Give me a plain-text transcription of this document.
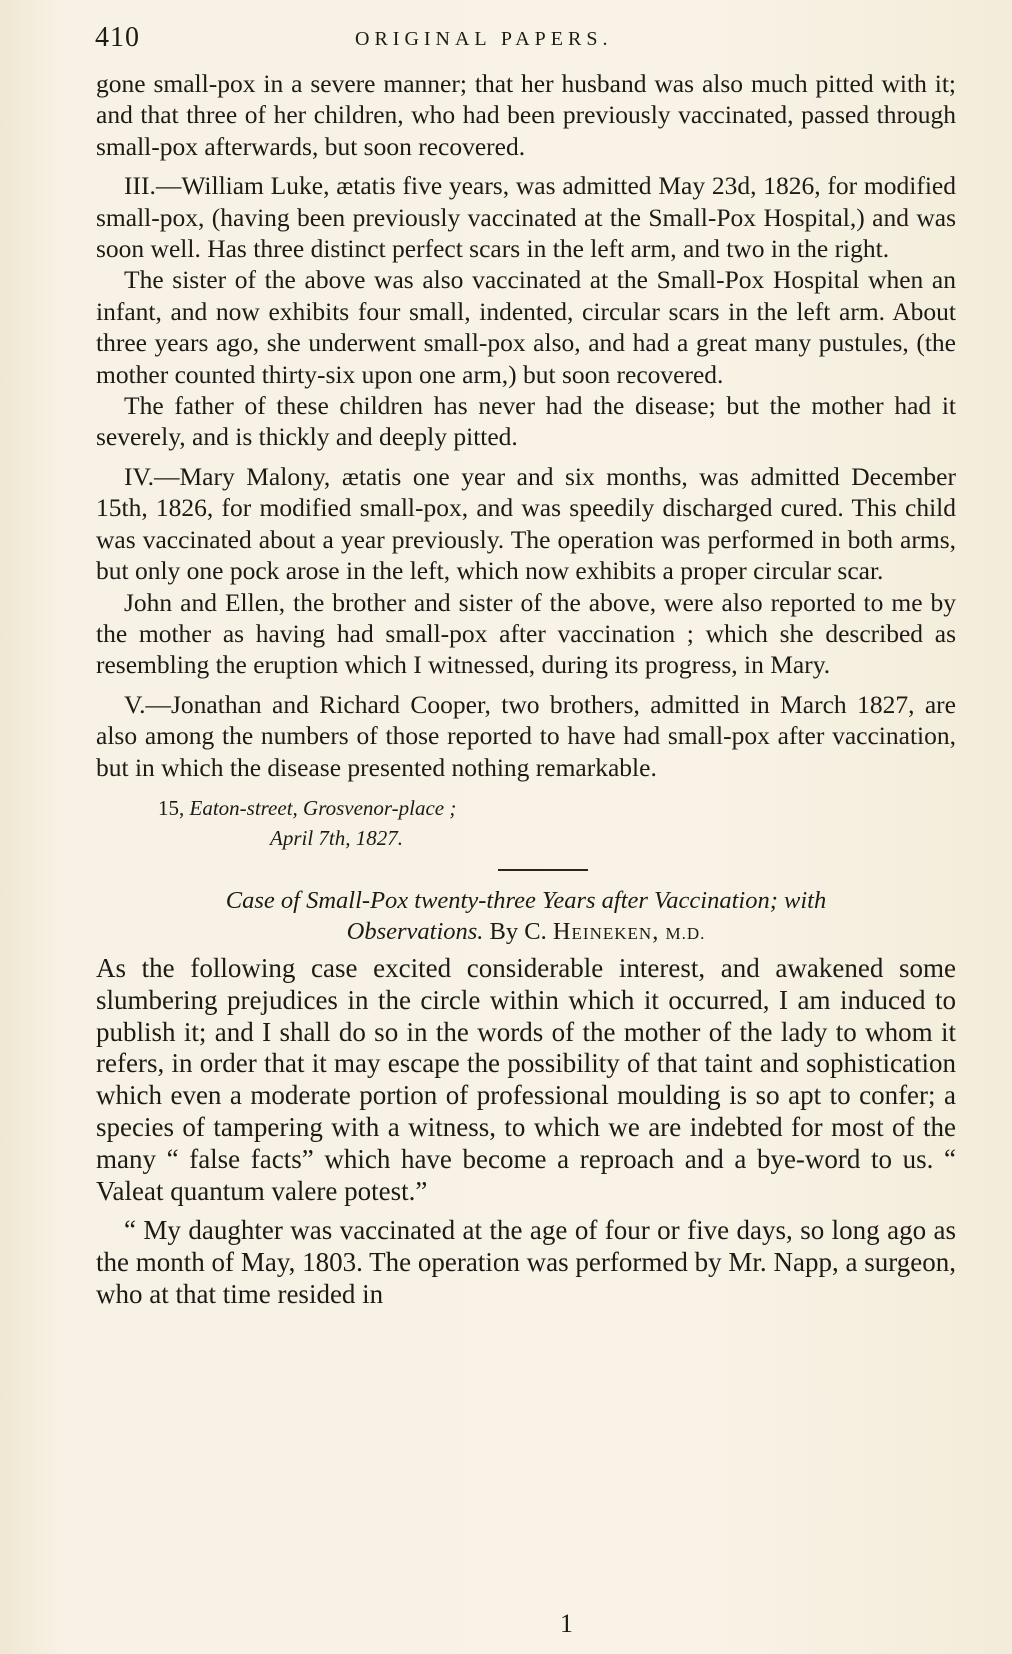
410	ORIGINAL PAPERS.

gone small-pox in a severe manner; that her husband was also much pitted with it; and that three of her children, who had been previously vaccinated, passed through small-pox afterwards, but soon recovered.

III.—William Luke, ætatis five years, was admitted May 23d, 1826, for modified small-pox, (having been previously vaccinated at the Small-Pox Hospital,) and was soon well. Has three distinct perfect scars in the left arm, and two in the right.

The sister of the above was also vaccinated at the Small-Pox Hospital when an infant, and now exhibits four small, indented, circular scars in the left arm. About three years ago, she underwent small-pox also, and had a great many pustules, (the mother counted thirty-six upon one arm,) but soon recovered.

The father of these children has never had the disease; but the mother had it severely, and is thickly and deeply pitted.

IV.—Mary Malony, ætatis one year and six months, was admitted December 15th, 1826, for modified small-pox, and was speedily discharged cured. This child was vaccinated about a year previously. The operation was performed in both arms, but only one pock arose in the left, which now exhibits a proper circular scar.

John and Ellen, the brother and sister of the above, were also reported to me by the mother as having had small-pox after vaccination ; which she described as resembling the eruption which I witnessed, during its progress, in Mary.

V.—Jonathan and Richard Cooper, two brothers, admitted in March 1827, are also among the numbers of those reported to have had small-pox after vaccination, but in which the disease presented nothing remarkable.

15, Eaton-street, Grosvenor-place ;
April 7th, 1827.
Case of Small-Pox twenty-three Years after Vaccination; with
Observations. By C. Heineken, M.D.

As the following case excited considerable interest, and awakened some slumbering prejudices in the circle within which it occurred, I am induced to publish it; and I shall do so in the words of the mother of the lady to whom it refers, in order that it may escape the possibility of that taint and sophistication which even a moderate portion of professional moulding is so apt to confer; a species of tampering with a witness, to which we are indebted for most of the many “ false facts” which have become a reproach and a bye-word to us. “ Valeat quantum valere potest.”

“ My daughter was vaccinated at the age of four or five days, so long ago as the month of May, 1803. The operation was performed by Mr. Napp, a surgeon, who at that time resided in

1
